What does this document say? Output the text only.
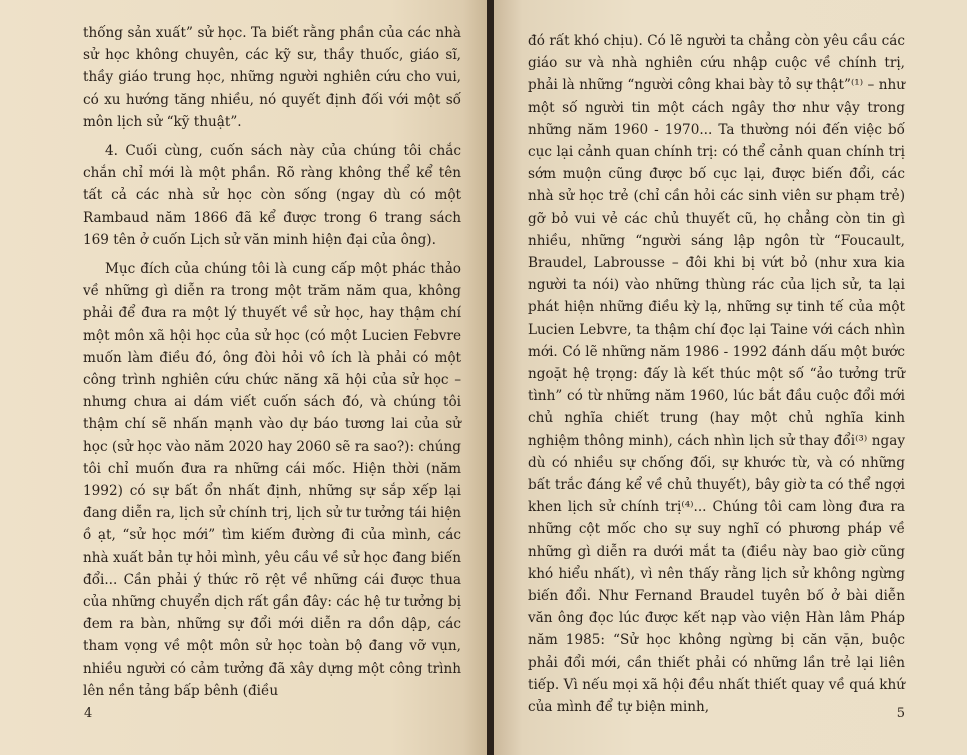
thống sản xuất” sử học. Ta biết rằng phần của các nhà sử học không chuyên, các kỹ sư, thầy thuốc, giáo sĩ, thầy giáo trung học, những người nghiên cứu cho vui, có xu hướng tăng nhiều, nó quyết định đối với một số môn lịch sử “kỹ thuật”.

4. Cuối cùng, cuốn sách này của chúng tôi chắc chắn chỉ mới là một phần. Rõ ràng không thể kể tên tất cả các nhà sử học còn sống (ngay dù có một Rambaud năm 1866 đã kể được trong 6 trang sách 169 tên ở cuốn Lịch sử văn minh hiện đại của ông).

Mục đích của chúng tôi là cung cấp một phác thảo về những gì diễn ra trong một trăm năm qua, không phải để đưa ra một lý thuyết về sử học, hay thậm chí một môn xã hội học của sử học (có một Lucien Febvre muốn làm điều đó, ông đòi hỏi vô ích là phải có một công trình nghiên cứu chức năng xã hội của sử học – nhưng chưa ai dám viết cuốn sách đó, và chúng tôi thậm chí sẽ nhấn mạnh vào dự báo tương lai của sử học (sử học vào năm 2020 hay 2060 sẽ ra sao?): chúng tôi chỉ muốn đưa ra những cái mốc. Hiện thời (năm 1992) có sự bất ổn nhất định, những sự sắp xếp lại đang diễn ra, lịch sử chính trị, lịch sử tư tưởng tái hiện ồ ạt, “sử học mới” tìm kiếm đường đi của mình, các nhà xuất bản tự hỏi mình, yêu cầu về sử học đang biến đổi... Cần phải ý thức rõ rệt về những cái được thua của những chuyển dịch rất gần đây: các hệ tư tưởng bị đem ra bàn, những sự đổi mới diễn ra dồn dập, các tham vọng về một môn sử học toàn bộ đang vỡ vụn, nhiều người có cảm tưởng đã xây dựng một công trình lên nền tảng bấp bênh (điều

4

đó rất khó chịu). Có lẽ người ta chẳng còn yêu cầu các giáo sư và nhà nghiên cứu nhập cuộc về chính trị, phải là những “người công khai bày tỏ sự thật”⁽¹⁾ – như một số người tin một cách ngây thơ như vậy trong những năm 1960 - 1970... Ta thường nói đến việc bố cục lại cảnh quan chính trị: có thể cảnh quan chính trị sớm muộn cũng được bố cục lại, được biến đổi, các nhà sử học trẻ (chỉ cần hỏi các sinh viên sư phạm trẻ) gỡ bỏ vui vẻ các chủ thuyết cũ, họ chẳng còn tin gì nhiều, những “người sáng lập ngôn từ “Foucault, Braudel, Labrousse – đôi khi bị vứt bỏ (như xưa kia người ta nói) vào những thùng rác của lịch sử, ta lại phát hiện những điều kỳ lạ, những sự tinh tế của một Lucien Lebvre, ta thậm chí đọc lại Taine với cách nhìn mới. Có lẽ những năm 1986 - 1992 đánh dấu một bước ngoặt hệ trọng: đấy là kết thúc một số “ảo tưởng trữ tình” có từ những năm 1960, lúc bắt đầu cuộc đổi mới chủ nghĩa chiết trung (hay một chủ nghĩa kinh nghiệm thông minh), cách nhìn lịch sử thay đổi⁽³⁾ ngay dù có nhiều sự chống đối, sự khước từ, và có những bất trắc đáng kể về chủ thuyết), bây giờ ta có thể ngợi khen lịch sử chính trị⁽⁴⁾... Chúng tôi cam lòng đưa ra những cột mốc cho sự suy nghĩ có phương pháp về những gì diễn ra dưới mắt ta (điều này bao giờ cũng khó hiểu nhất), vì nên thấy rằng lịch sử không ngừng biến đổi. Như Fernand Braudel tuyên bố ở bài diễn văn ông đọc lúc được kết nạp vào viện Hàn lâm Pháp năm 1985: “Sử học không ngừng bị căn vặn, buộc phải đổi mới, cần thiết phải có những lần trẻ lại liên tiếp. Vì nếu mọi xã hội đều nhất thiết quay về quá khứ của mình để tự biện minh,	5
